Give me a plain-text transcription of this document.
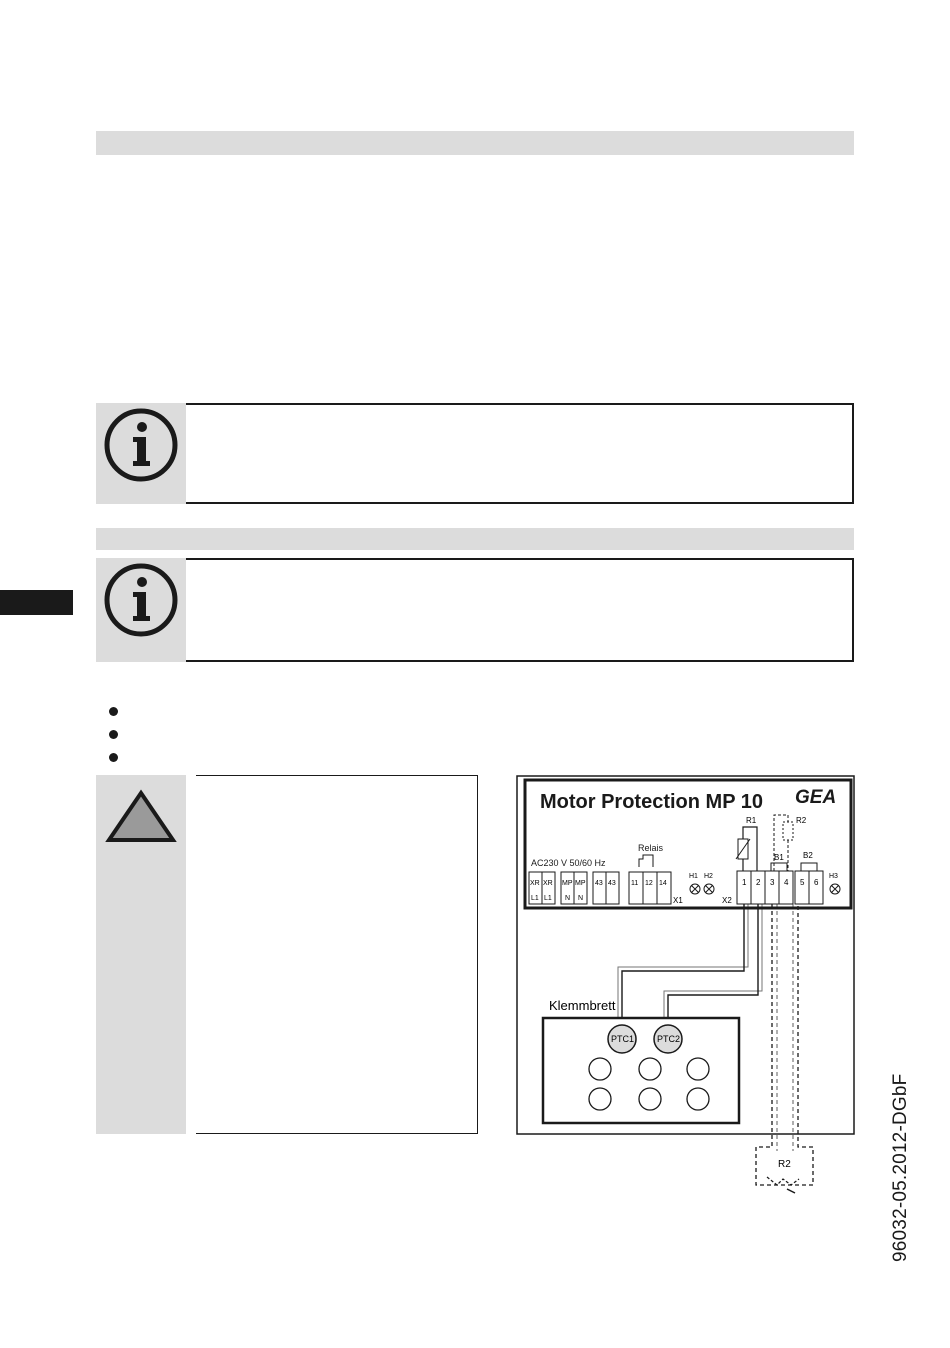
Motor Protection MP 10 GEA
AC230 V 50/60 Hz
Relais
XR
L1
XR
L1
MP
N
MP
N
43 43 11 12 14
X1
H1 H2
X2
R1	R2
B1 B2
1 2 3 4 5 6
H3
Klemmbrett
PTC1	PTC2
R2	96032-05.2012-DGbF
